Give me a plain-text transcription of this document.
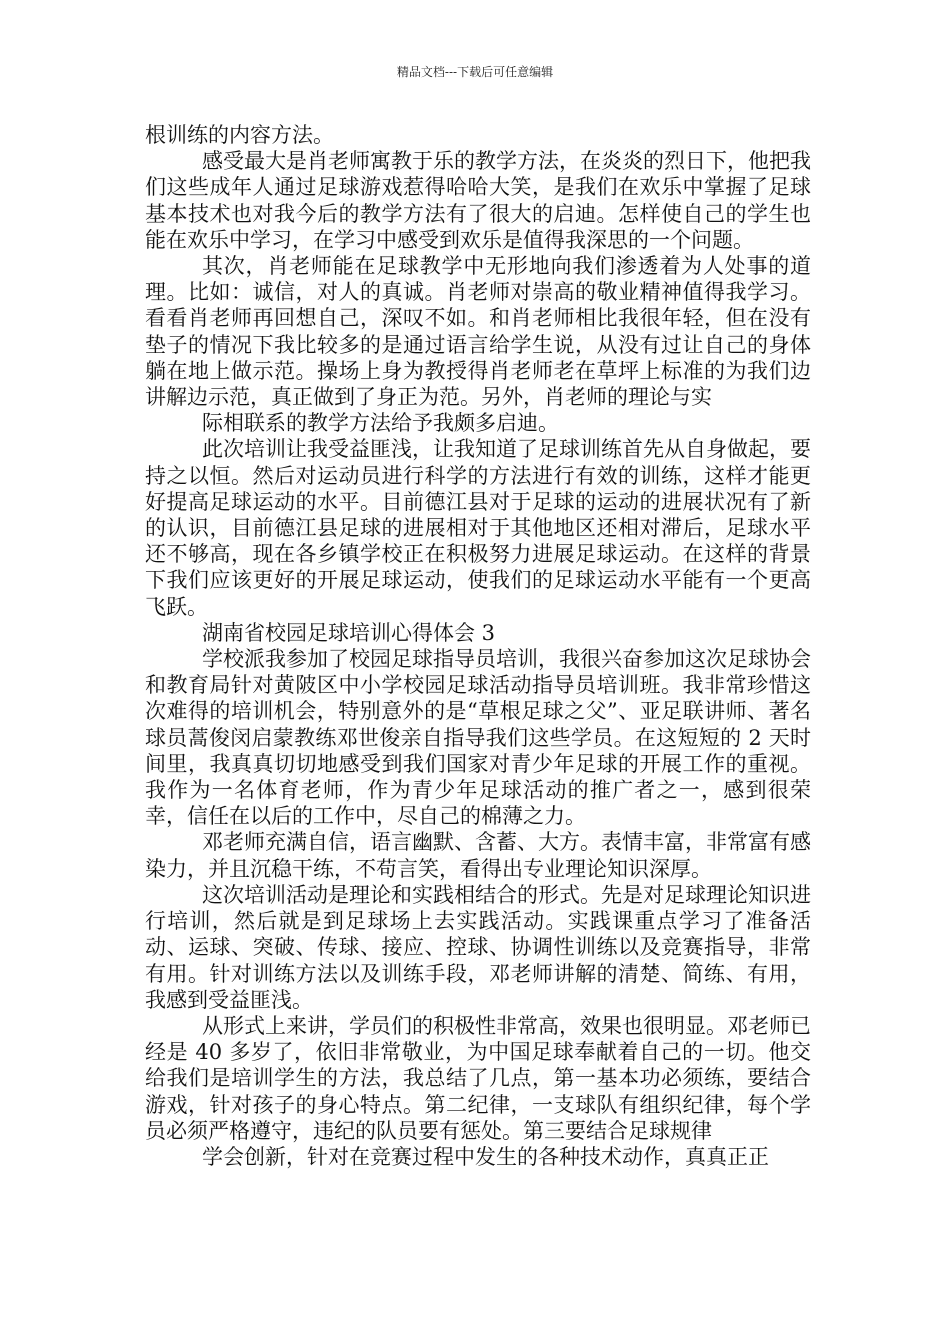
精品文档---下载后可任意编辑

根训练的内容方法。

感受最大是肖老师寓教于乐的教学方法，在炎炎的烈日下，他把我们这些成年人通过足球游戏惹得哈哈大笑，是我们在欢乐中掌握了足球基本技术也对我今后的教学方法有了很大的启迪。怎样使自己的学生也能在欢乐中学习，在学习中感受到欢乐是值得我深思的一个问题。

其次，肖老师能在足球教学中无形地向我们渗透着为人处事的道理。比如：诚信，对人的真诚。肖老师对崇高的敬业精神值得我学习。看看肖老师再回想自己，深叹不如。和肖老师相比我很年轻，但在没有垫子的情况下我比较多的是通过语言给学生说，从没有过让自己的身体躺在地上做示范。操场上身为教授得肖老师老在草坪上标准的为我们边讲解边示范，真正做到了身正为范。另外，肖老师的理论与实

际相联系的教学方法给予我颇多启迪。

此次培训让我受益匪浅，让我知道了足球训练首先从自身做起，要持之以恒。然后对运动员进行科学的方法进行有效的训练，这样才能更好提高足球运动的水平。目前德江县对于足球的运动的进展状况有了新的认识，目前德江县足球的进展相对于其他地区还相对滞后，足球水平还不够高，现在各乡镇学校正在积极努力进展足球运动。在这样的背景下我们应该更好的开展足球运动，使我们的足球运动水平能有一个更高飞跃。

湖南省校园足球培训心得体会 3

学校派我参加了校园足球指导员培训，我很兴奋参加这次足球协会和教育局针对黄陂区中小学校园足球活动指导员培训班。我非常珍惜这次难得的培训机会，特别意外的是“草根足球之父”、亚足联讲师、著名球员蒿俊闵启蒙教练邓世俊亲自指导我们这些学员。在这短短的 2 天时间里，我真真切切地感受到我们国家对青少年足球的开展工作的重视。我作为一名体育老师，作为青少年足球活动的推广者之一，感到很荣幸，信任在以后的工作中，尽自己的棉薄之力。

邓老师充满自信，语言幽默、含蓄、大方。表情丰富，非常富有感染力，并且沉稳干练，不苟言笑，看得出专业理论知识深厚。

这次培训活动是理论和实践相结合的形式。先是对足球理论知识进行培训，然后就是到足球场上去实践活动。实践课重点学习了准备活动、运球、突破、传球、接应、控球、协调性训练以及竞赛指导，非常有用。针对训练方法以及训练手段，邓老师讲解的清楚、简练、有用，我感到受益匪浅。

从形式上来讲，学员们的积极性非常高，效果也很明显。邓老师已经是 40 多岁了，依旧非常敬业，为中国足球奉献着自己的一切。他交给我们是培训学生的方法，我总结了几点，第一基本功必须练，要结合游戏，针对孩子的身心特点。第二纪律，一支球队有组织纪律，每个学员必须严格遵守，违纪的队员要有惩处。第三要结合足球规律

学会创新，针对在竞赛过程中发生的各种技术动作，真真正正
